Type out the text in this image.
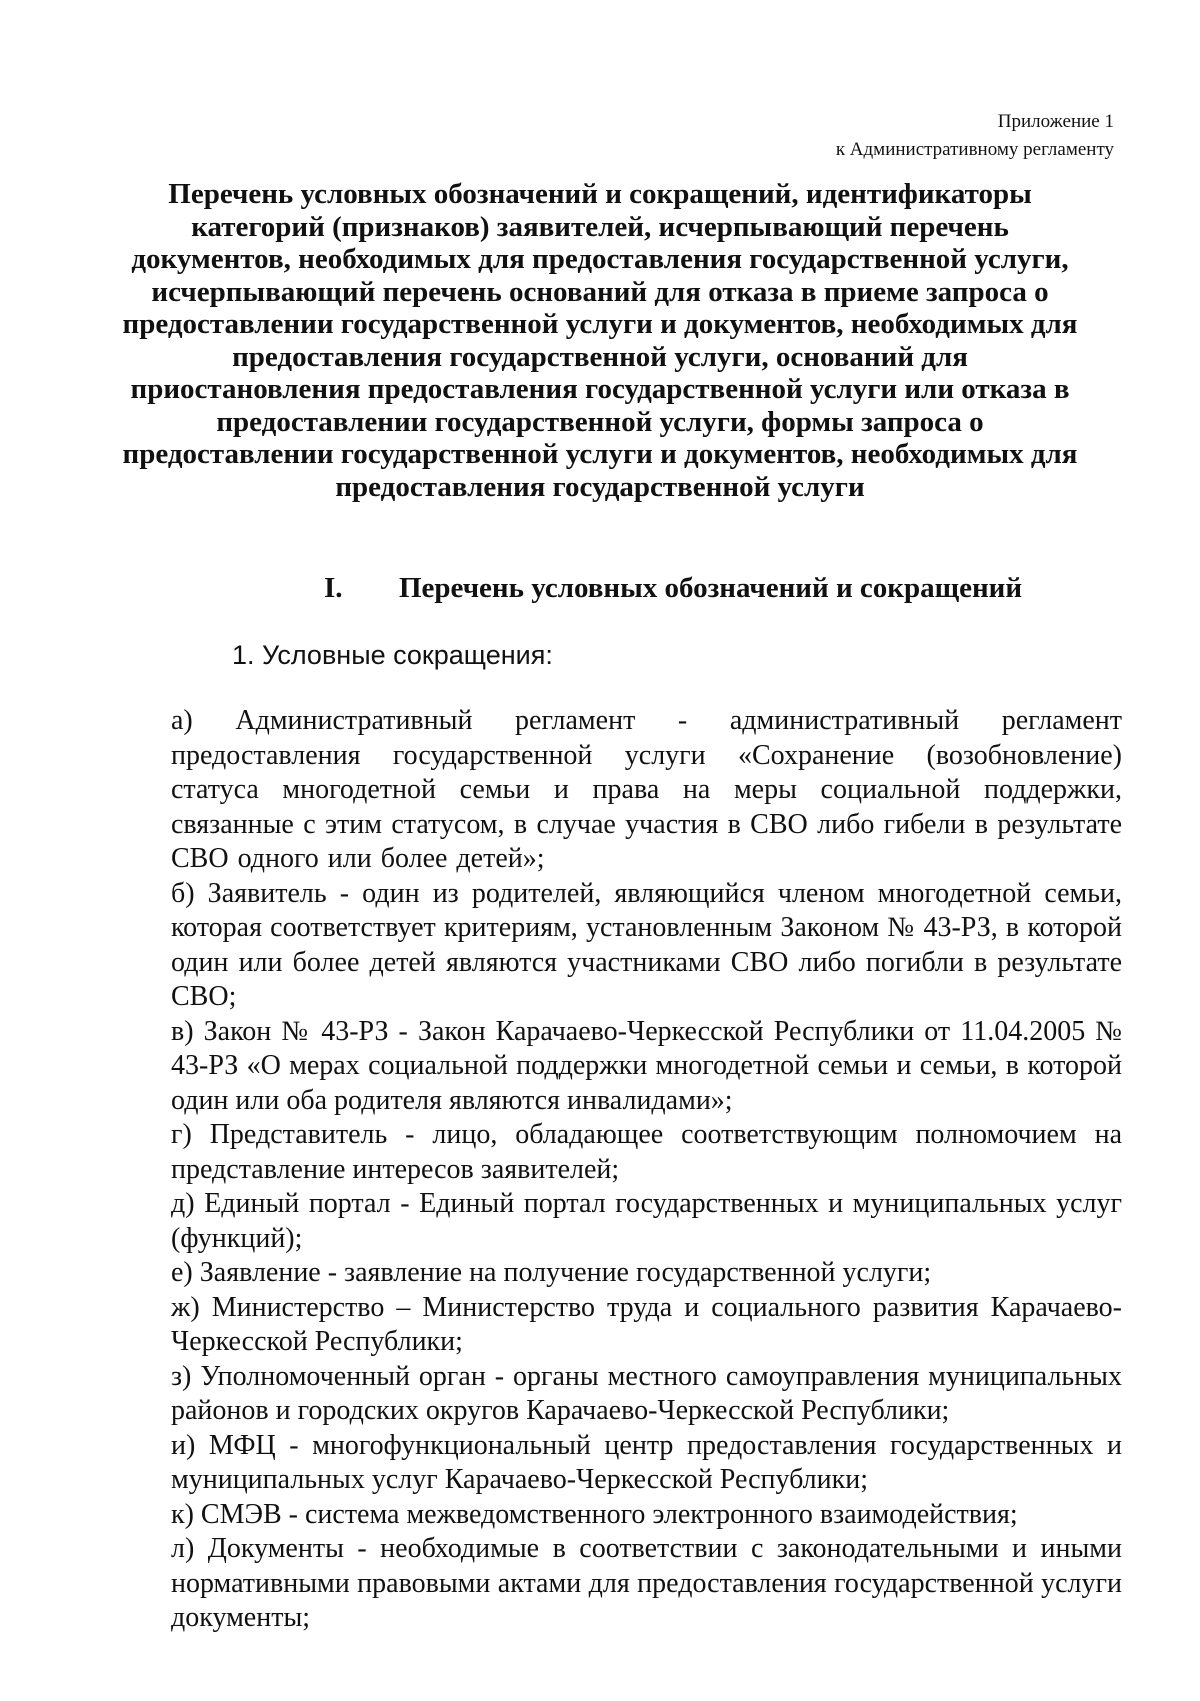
Приложение 1
к Административному регламенту
Перечень условных обозначений и сокращений, идентификаторы
категорий (признаков) заявителей, исчерпывающий перечень
документов, необходимых для предоставления государственной услуги,
исчерпывающий перечень оснований для отказа в приеме запроса о
предоставлении государственной услуги и документов, необходимых для
предоставления государственной услуги, оснований для
приостановления предоставления государственной услуги или отказа в
предоставлении государственной услуги, формы запроса о
предоставлении государственной услуги и документов, необходимых для
предоставления государственной услуги
I. Перечень условных обозначений и сокращений
1. Условные сокращения:

а) Административный регламент - административный регламент предоставления государственной услуги «Сохранение (возобновление) статуса многодетной семьи и права на меры социальной поддержки, связанные с этим статусом, в случае участия в СВО либо гибели в результате СВО одного или более детей»;

б) Заявитель - один из родителей, являющийся членом многодетной семьи, которая соответствует критериям, установленным Законом № 43-РЗ, в которой один или более детей являются участниками СВО либо погибли в результате СВО;

в) Закон № 43-РЗ - Закон Карачаево-Черкесской Республики от 11.04.2005 № 43-РЗ «О мерах социальной поддержки многодетной семьи и семьи, в которой один или оба родителя являются инвалидами»;

г) Представитель - лицо, обладающее соответствующим полномочием на представление интересов заявителей;

д) Единый портал - Единый портал государственных и муниципальных услуг (функций);

е) Заявление - заявление на получение государственной услуги;

ж) Министерство – Министерство труда и социального развития Карачаево-Черкесской Республики;

з) Уполномоченный орган - органы местного самоуправления муниципальных районов и городских округов Карачаево-Черкесской Республики;

и) МФЦ - многофункциональный центр предоставления государственных и муниципальных услуг Карачаево-Черкесской Республики;

к) СМЭВ - система межведомственного электронного взаимодействия;

л) Документы - необходимые в соответствии с законодательными и иными нормативными правовыми актами для предоставления государственной услуги документы;
